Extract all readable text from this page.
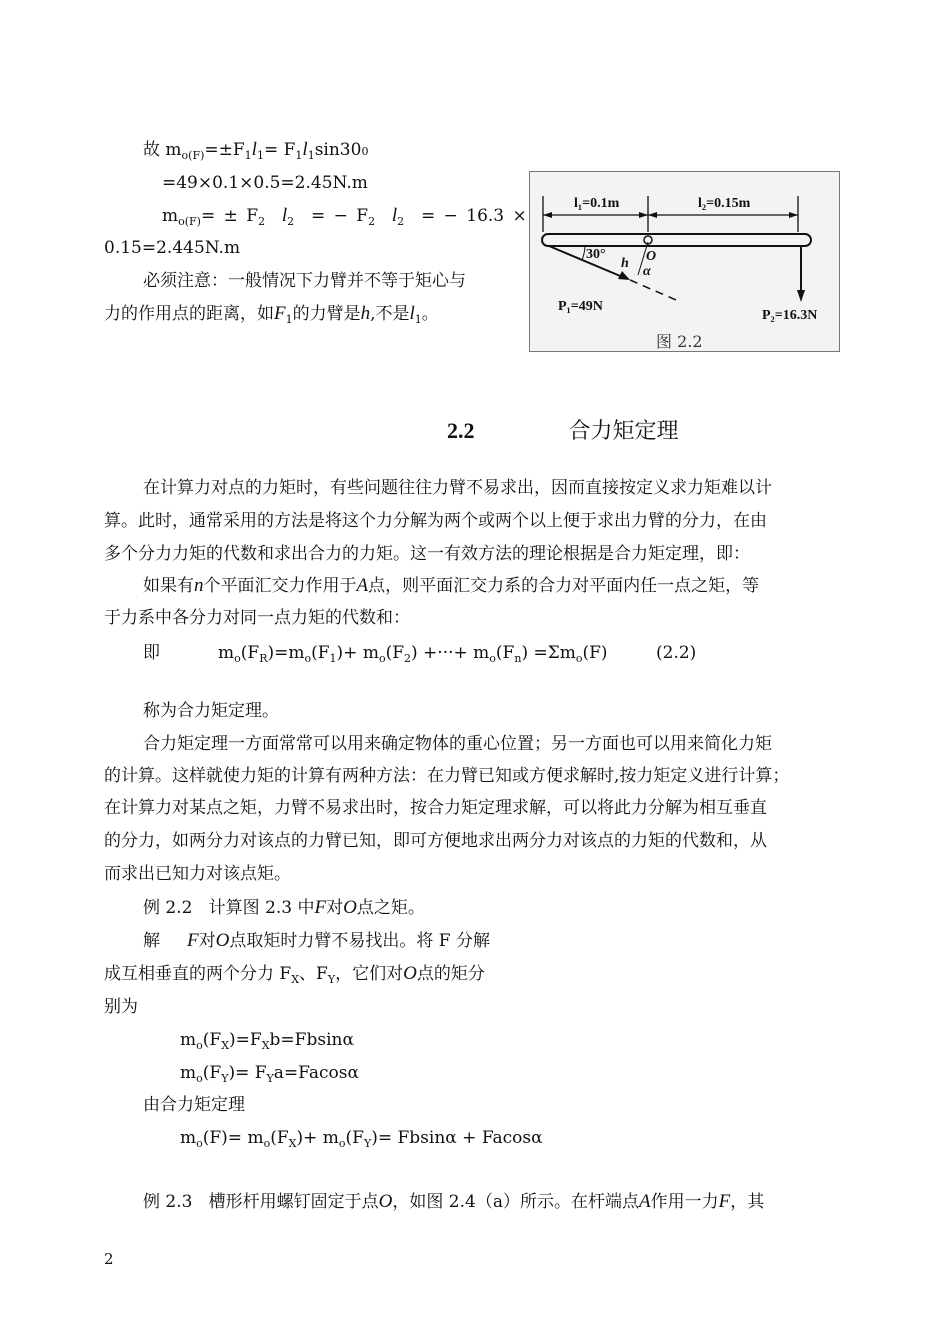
故 $m_{o(F)}=\pm F_1l_1= F_1l_1\sin 300$
=49×0.1×0.5=2.45N.m
$m_{o(F)}= \pm F_2$ $l_2$ = − $F_2$ $l_2$ = − 16.3 ×
0.15=2.445N.m
必须注意：一般情况下力臂并不等于矩心与
力的作用点的距离，如$F_1$的力臂是h,不是$l_1$。
l₁=0.1m	l₂=0.15m
30°	O
h
α
P₁=49N
P₂=16.3N
图 2.2
2.2	合力矩定理
在计算力对点的力矩时，有些问题往往力臂不易求出，因而直接按定义求力矩难以计
算。此时，通常采用的方法是将这个力分解为两个或两个以上便于求出力臂的分力，在由
多个分力力矩的代数和求出合力的力矩。这一有效方法的理论根据是合力矩定理，即：
如果有n个平面汇交力作用于A点，则平面汇交力系的合力对平面内任一点之矩，等
于力系中各分力对同一点力矩的代数和：
即	$m_o(F_R)=m_o(F_1)+ m_o(F_2)$ +···+ $m_o(F_n) =\Sigma m_o(F)$	(2.2)
称为合力矩定理。
合力矩定理一方面常常可以用来确定物体的重心位置；另一方面也可以用来简化力矩
的计算。这样就使力矩的计算有两种方法：在力臂已知或方便求解时,按力矩定义进行计算；
在计算力对某点之矩，力臂不易求出时，按合力矩定理求解，可以将此力分解为相互垂直
的分力，如两分力对该点的力臂已知，即可方便地求出两分力对该点的力矩的代数和，从
而求出已知力对该点矩。
例 2.2 计算图 2.3 中F对O点之矩。
解 F对O点取矩时力臂不易找出。将 F 分解
成互相垂直的两个分力 $F_X$、$F_Y$，它们对O点的矩分
别为
$m_o(F_X)=F_Xb=Fbsin\alpha$
$m_o(F_Y)= F_Ya=Facos\alpha$
由合力矩定理
$m_o(F)= m_o(F_X)+ m_o(F_Y)= Fbsin\alpha + Facos\alpha$
例 2.3 槽形杆用螺钉固定于点O，如图 2.4（a）所示。在杆端点A作用一力F，其
2
